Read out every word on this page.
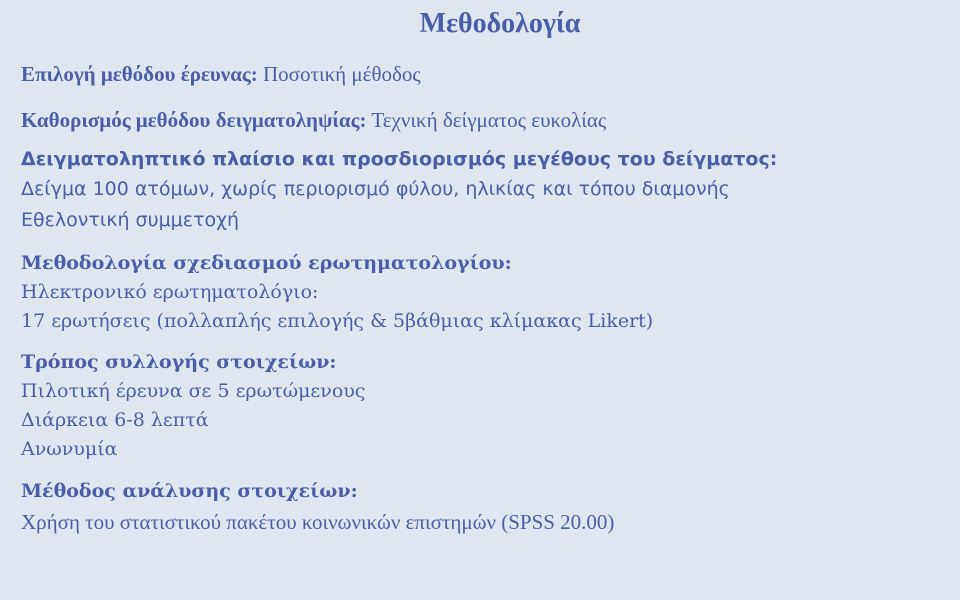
Μεθοδολογία

Επιλογή μεθόδου έρευνας: Ποσοτική μέθοδος

Καθορισμός μεθόδου δειγματοληψίας: Τεχνική δείγματος ευκολίας

Δειγματοληπτικό πλαίσιο και προσδιορισμός μεγέθους του δείγματος:

Δείγμα 100 ατόμων, χωρίς περιορισμό φύλου, ηλικίας και τόπου διαμονής

Εθελοντική συμμετοχή

Μεθοδολογία σχεδιασμού ερωτηματολογίου:

Ηλεκτρονικό ερωτηματολόγιο:

17 ερωτήσεις (πολλαπλής επιλογής & 5βάθμιας κλίμακας Likert)

Τρόπος συλλογής στοιχείων:

Πιλοτική έρευνα σε 5 ερωτώμενους

Διάρκεια 6-8 λεπτά

Ανωνυμία

Μέθοδος ανάλυσης στοιχείων:

Χρήση του στατιστικού πακέτου κοινωνικών επιστημών (SPSS 20.00)
